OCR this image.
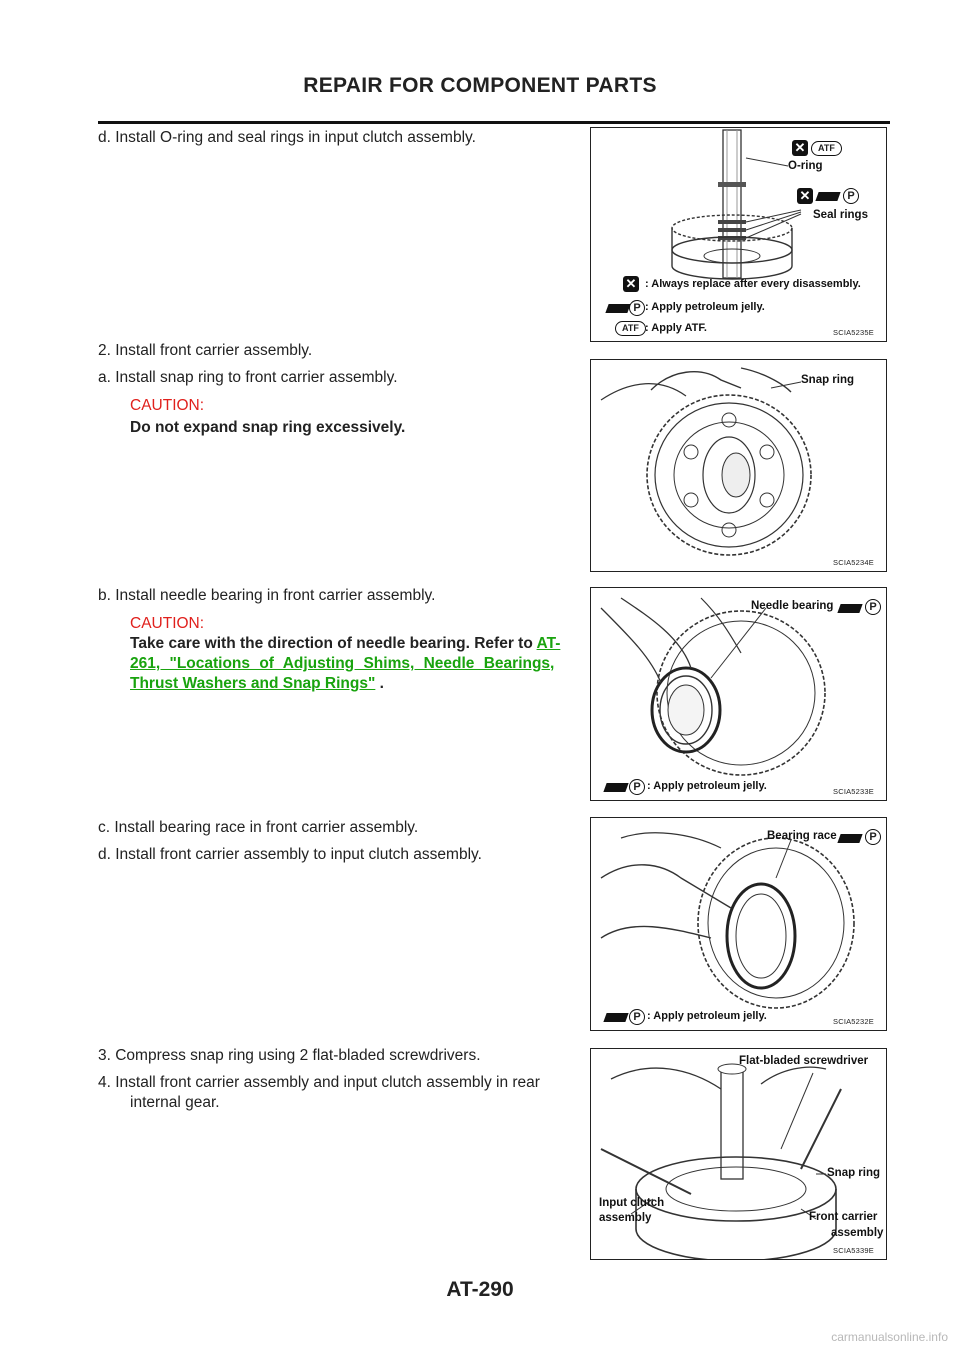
REPAIR FOR COMPONENT PARTS
d. Install O-ring and seal rings in input clutch assembly.
2. Install front carrier assembly.
a. Install snap ring to front carrier assembly.
CAUTION:
Do not expand snap ring excessively.
b. Install needle bearing in front carrier assembly.
CAUTION:
Take care with the direction of needle bearing. Refer to AT-
261, "Locations of Adjusting Shims, Needle Bearings,
Thrust Washers and Snap Rings" .
c. Install bearing race in front carrier assembly.
d. Install front carrier assembly to input clutch assembly.
3. Compress snap ring using 2 flat-bladed screwdrivers.
4. Install front carrier assembly and input clutch assembly in rear
internal gear.
✕	ATF
O-ring
✕	P
Seal rings
✕ : Always replace after every disassembly.
P : Apply petroleum jelly.
ATF : Apply ATF.	SCIA5235E
Snap ring
SCIA5234E
Needle bearing	P
P : Apply petroleum jelly.	SCIA5233E
Bearing race	P
P : Apply petroleum jelly.	SCIA5232E
Flat-bladed screwdriver
Snap ring
Input clutch
assembly	Front carrier
assembly
SCIA5339E
AT-290
carmanualsonline.info
